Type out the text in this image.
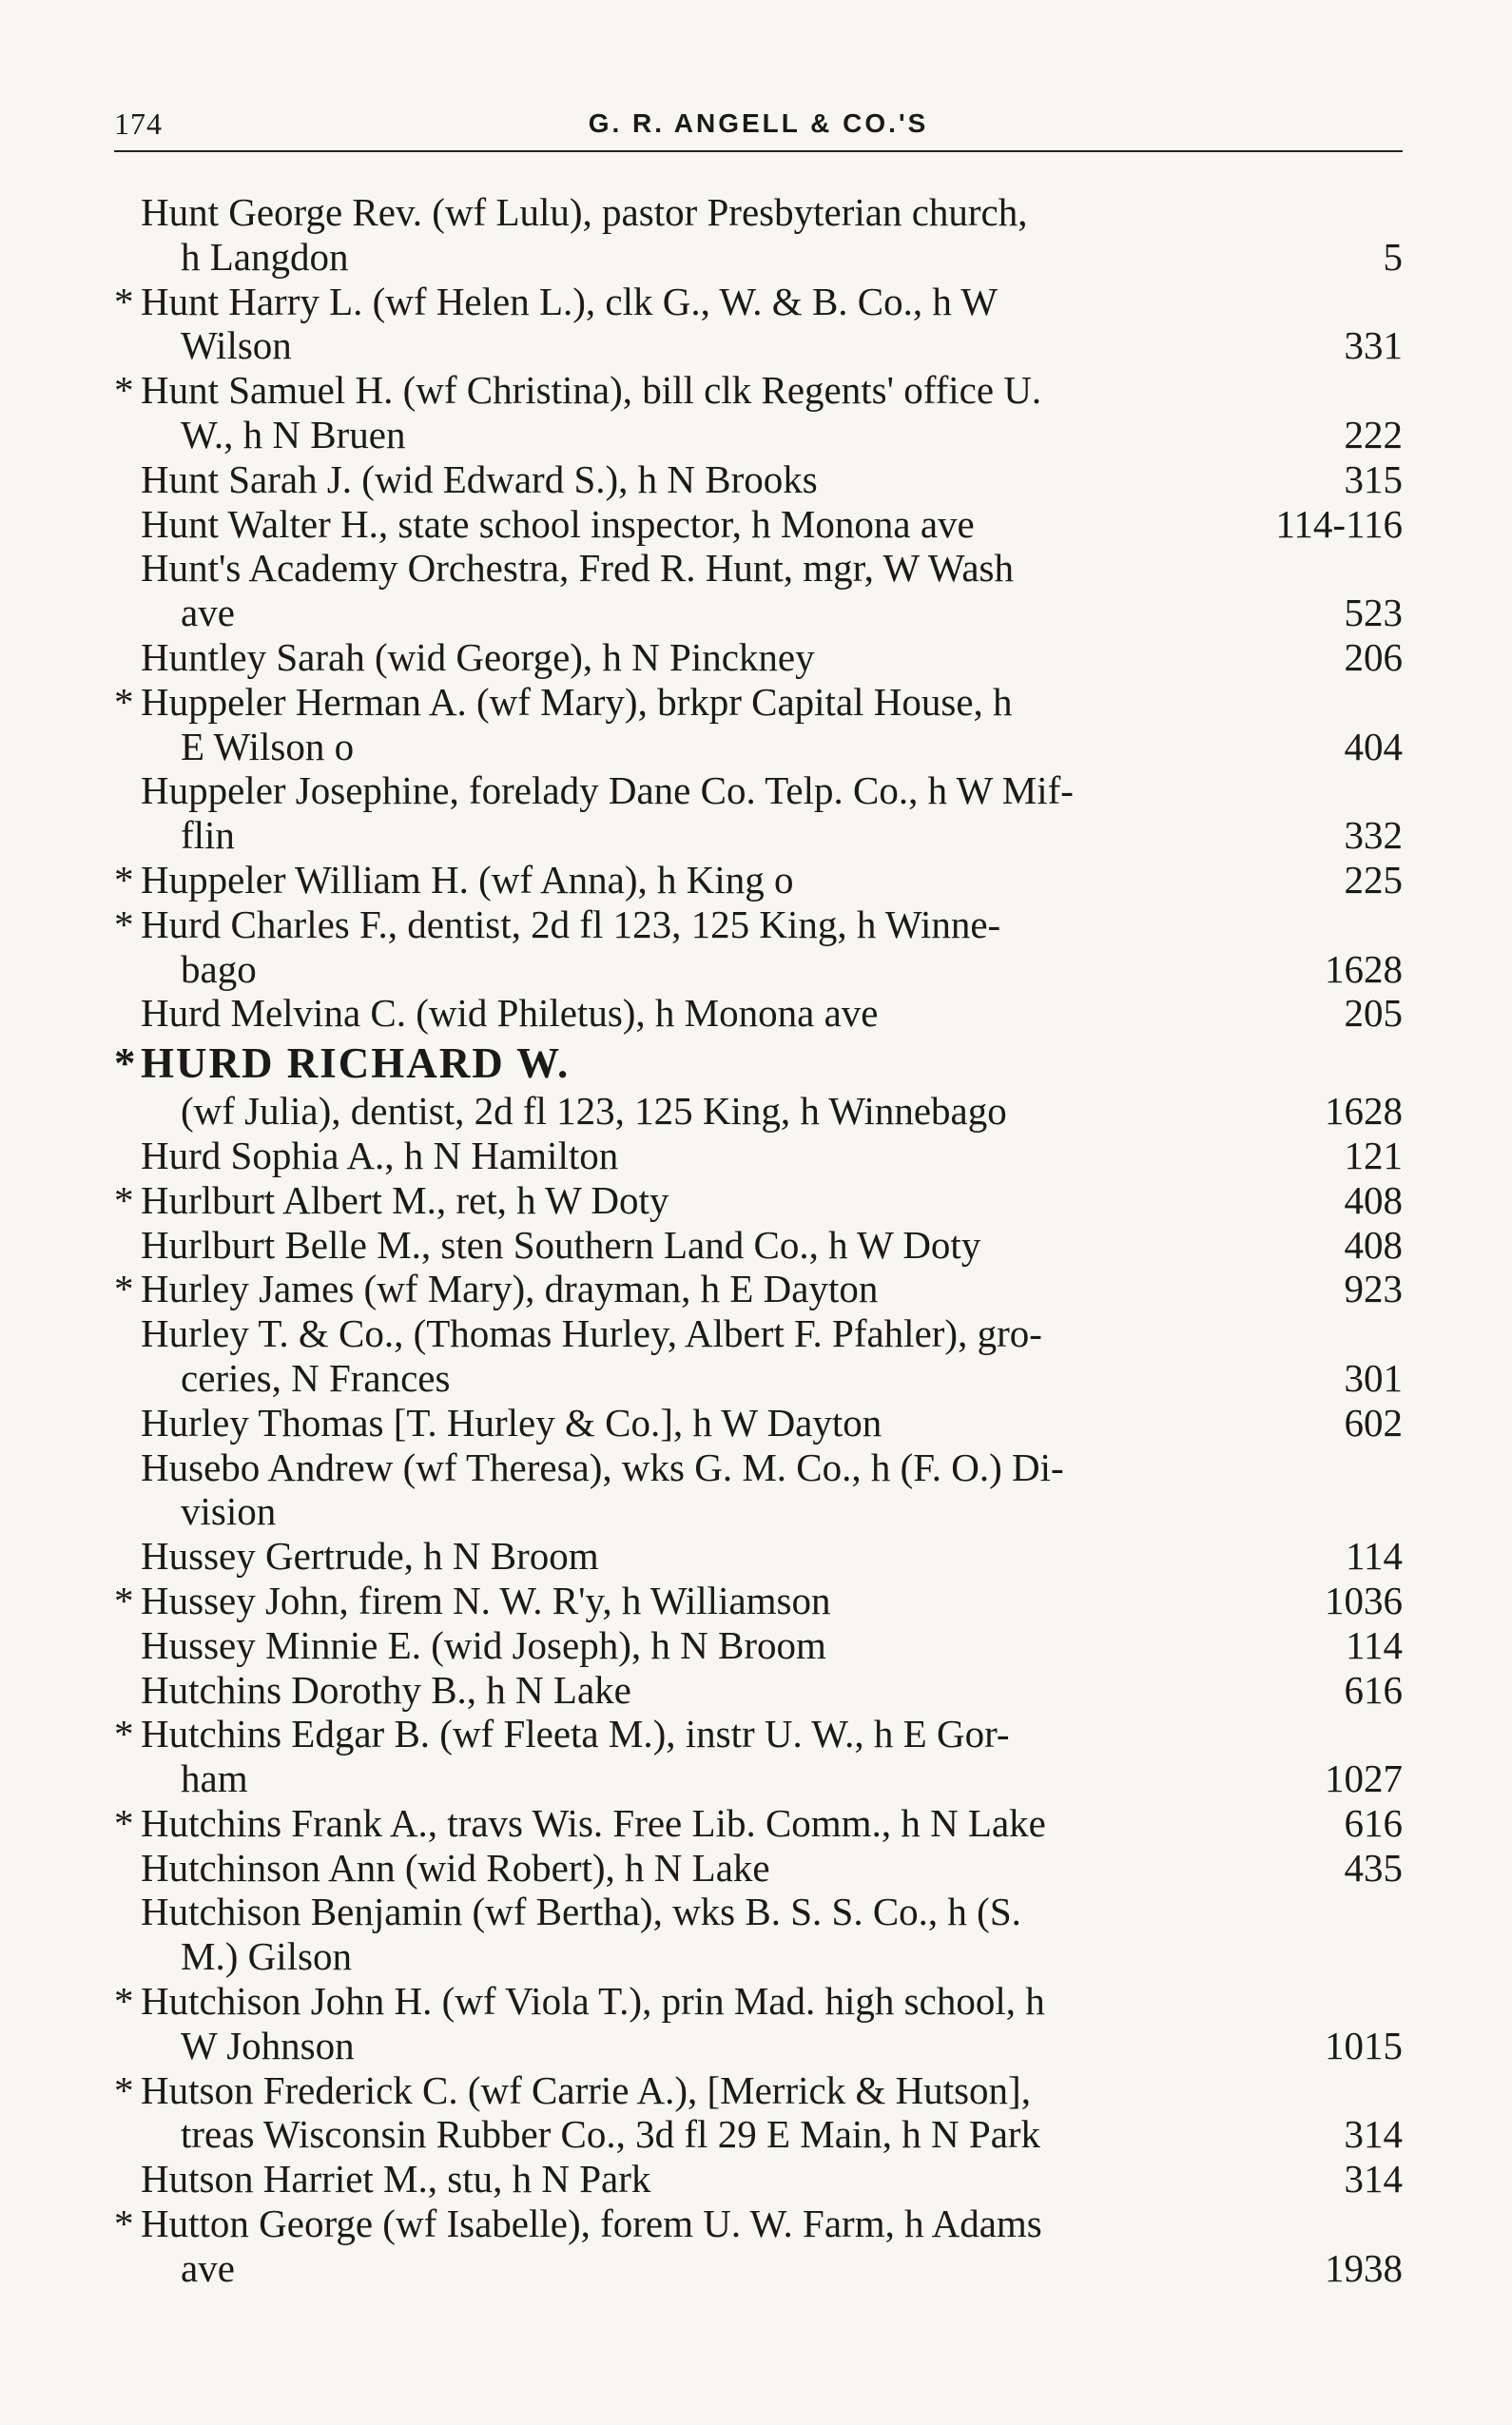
174	G. R. ANGELL & CO.'S
Hunt George Rev. (wf Lulu), pastor Presbyterian church,
h Langdon	5
* Hunt Harry L. (wf Helen L.), clk G., W. & B. Co., h W
Wilson	331
* Hunt Samuel H. (wf Christina), bill clk Regents' office U.
W., h N Bruen	222
Hunt Sarah J. (wid Edward S.), h N Brooks	315
Hunt Walter H., state school inspector, h Monona ave	114-116
Hunt's Academy Orchestra, Fred R. Hunt, mgr, W Wash
ave	523
Huntley Sarah (wid George), h N Pinckney	206
* Huppeler Herman A. (wf Mary), brkpr Capital House, h
E Wilson o	404
Huppeler Josephine, forelady Dane Co. Telp. Co., h W Mif-
flin	332
* Huppeler William H. (wf Anna), h King o	225
* Hurd Charles F., dentist, 2d fl 123, 125 King, h Winne-
bago	1628
Hurd Melvina C. (wid Philetus), h Monona ave	205
* HURD RICHARD W.
(wf Julia), dentist, 2d fl 123, 125 King, h Winnebago	1628
Hurd Sophia A., h N Hamilton	121
* Hurlburt Albert M., ret, h W Doty	408
Hurlburt Belle M., sten Southern Land Co., h W Doty	408
* Hurley James (wf Mary), drayman, h E Dayton	923
Hurley T. & Co., (Thomas Hurley, Albert F. Pfahler), gro-
ceries, N Frances	301
Hurley Thomas [T. Hurley & Co.], h W Dayton	602
Husebo Andrew (wf Theresa), wks G. M. Co., h (F. O.) Di-
vision
Hussey Gertrude, h N Broom	114
* Hussey John, firem N. W. R'y, h Williamson	1036
Hussey Minnie E. (wid Joseph), h N Broom	114
Hutchins Dorothy B., h N Lake	616
* Hutchins Edgar B. (wf Fleeta M.), instr U. W., h E Gor-
ham	1027
* Hutchins Frank A., travs Wis. Free Lib. Comm., h N Lake	616
Hutchinson Ann (wid Robert), h N Lake	435
Hutchison Benjamin (wf Bertha), wks B. S. S. Co., h (S.
M.) Gilson
* Hutchison John H. (wf Viola T.), prin Mad. high school, h
W Johnson	1015
* Hutson Frederick C. (wf Carrie A.), [Merrick & Hutson],
treas Wisconsin Rubber Co., 3d fl 29 E Main, h N Park	314
Hutson Harriet M., stu, h N Park	314
* Hutton George (wf Isabelle), forem U. W. Farm, h Adams
ave	1938
